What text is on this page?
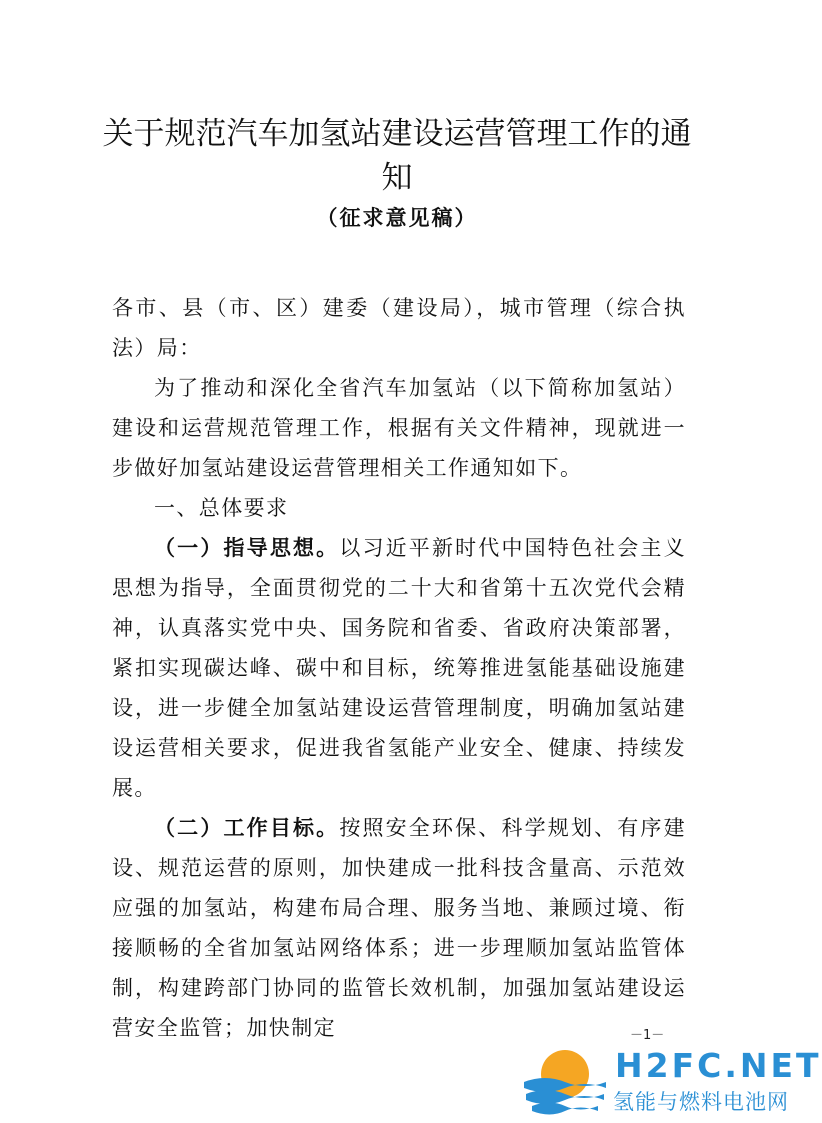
关于规范汽车加氢站建设运营管理工作的通知
（征求意见稿）

各市、县（市、区）建委（建设局），城市管理（综合执法）局：

为了推动和深化全省汽车加氢站（以下简称加氢站）建设和运营规范管理工作，根据有关文件精神，现就进一步做好加氢站建设运营管理相关工作通知如下。

一、总体要求

（一）指导思想。以习近平新时代中国特色社会主义思想为指导，全面贯彻党的二十大和省第十五次党代会精神，认真落实党中央、国务院和省委、省政府决策部署，紧扣实现碳达峰、碳中和目标，统筹推进氢能基础设施建设，进一步健全加氢站建设运营管理制度，明确加氢站建设运营相关要求，促进我省氢能产业安全、健康、持续发展。

（二）工作目标。按照安全环保、科学规划、有序建设、规范运营的原则，加快建成一批科技含量高、示范效应强的加氢站，构建布局合理、服务当地、兼顾过境、衔接顺畅的全省加氢站网络体系；进一步理顺加氢站监管体制，构建跨部门协同的监管长效机制，加强加氢站建设运营安全监管；加快制定	－1－
H2FC.NET
氢能与燃料电池网
